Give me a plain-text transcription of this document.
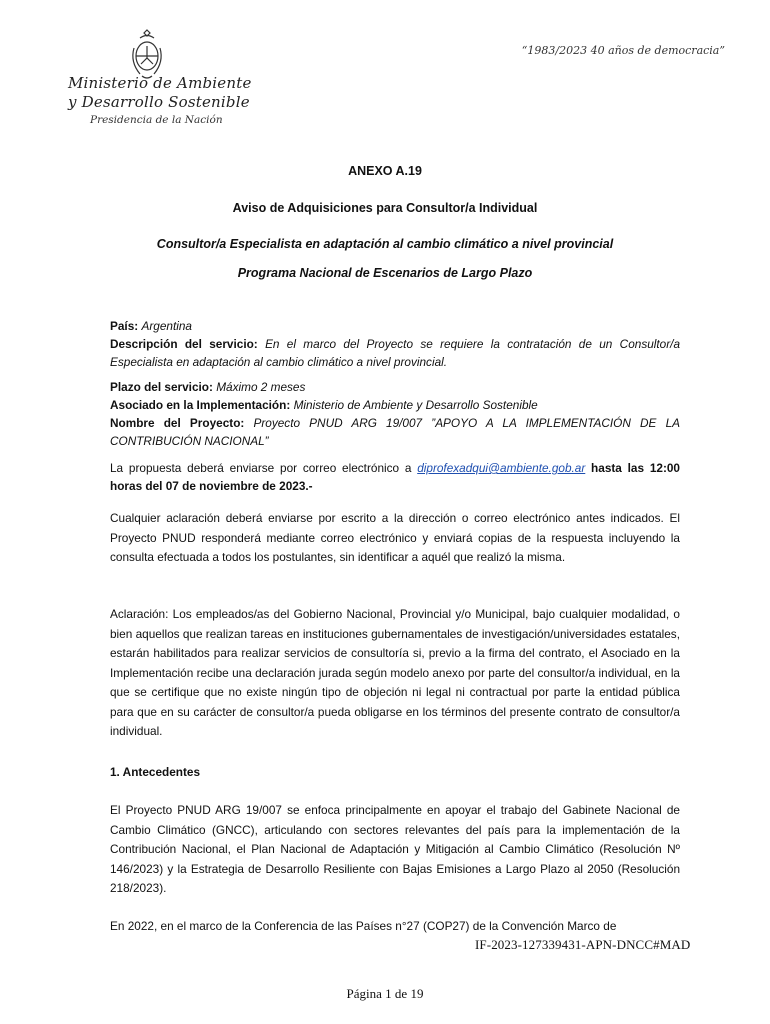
Ministerio de Ambiente
y Desarrollo Sostenible
Presidencia de la Nación
“1983/2023 40 años de democracia”
ANEXO A.19
Aviso de Adquisiciones para Consultor/a Individual
Consultor/a Especialista en adaptación al cambio climático a nivel provincial
Programa Nacional de Escenarios de Largo Plazo
País: Argentina
Descripción del servicio: En el marco del Proyecto se requiere la contratación de un Consultor/a Especialista en adaptación al cambio climático a nivel provincial.
Plazo del servicio: Máximo 2 meses
Asociado en la Implementación: Ministerio de Ambiente y Desarrollo Sostenible
Nombre del Proyecto: Proyecto PNUD ARG 19/007 ”APOYO A LA IMPLEMENTACIÓN DE LA CONTRIBUCIÓN NACIONAL”
La propuesta deberá enviarse por correo electrónico a diprofexadqui@ambiente.gob.ar hasta las 12:00 horas del 07 de noviembre de 2023.-
Cualquier aclaración deberá enviarse por escrito a la dirección o correo electrónico antes indicados. El Proyecto PNUD responderá mediante correo electrónico y enviará copias de la respuesta incluyendo la consulta efectuada a todos los postulantes, sin identificar a aquél que realizó la misma.
Aclaración: Los empleados/as del Gobierno Nacional, Provincial y/o Municipal, bajo cualquier modalidad, o bien aquellos que realizan tareas en instituciones gubernamentales de investigación/universidades estatales, estarán habilitados para realizar servicios de consultoría si, previo a la firma del contrato, el Asociado en la Implementación recibe una declaración jurada según modelo anexo por parte del consultor/a individual, en la que se certifique que no existe ningún tipo de objeción ni legal ni contractual por parte la entidad pública para que en su carácter de consultor/a pueda obligarse en los términos del presente contrato de consultor/a individual.
1. Antecedentes
El Proyecto PNUD ARG 19/007 se enfoca principalmente en apoyar el trabajo del Gabinete Nacional de Cambio Climático (GNCC), articulando con sectores relevantes del país para la implementación de la Contribución Nacional, el Plan Nacional de Adaptación y Mitigación al Cambio Climático (Resolución Nº 146/2023) y la Estrategia de Desarrollo Resiliente con Bajas Emisiones a Largo Plazo al 2050 (Resolución 218/2023).
En 2022, en el marco de la Conferencia de las Países n°27 (COP27) de la Convención Marco de
IF-2023-127339431-APN-DNCC#MAD
Página 1 de 19
